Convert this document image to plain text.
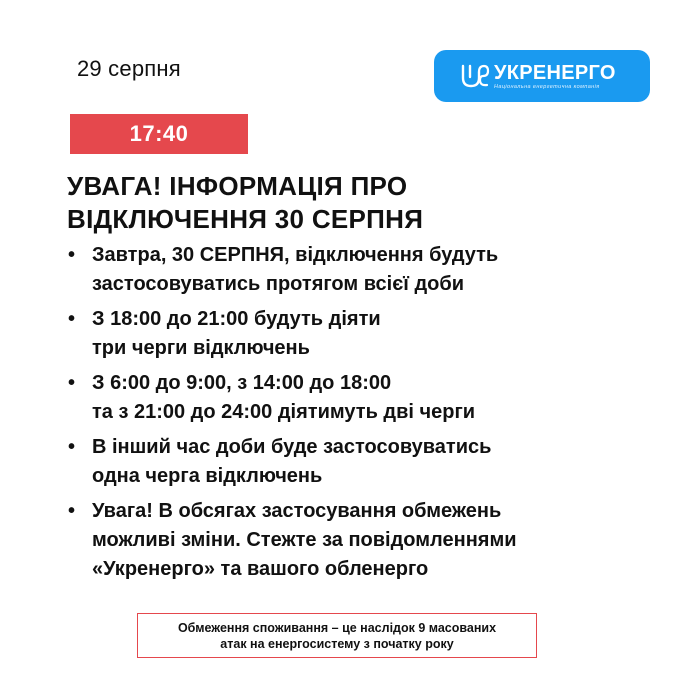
29 серпня	УКРЕНЕРГО
Національна енергетична компанія
17:40
УВАГА! ІНФОРМАЦІЯ ПРО
ВІДКЛЮЧЕННЯ 30 СЕРПНЯ
• Завтра, 30 СЕРПНЯ, відключення будуть
застосовуватись протягом всієї доби
• З 18:00 до 21:00 будуть діяти
три черги відключень
• З 6:00 до 9:00, з 14:00 до 18:00
та з 21:00 до 24:00 діятимуть дві черги
• В інший час доби буде застосовуватись
одна черга відключень
• Увага! В обсягах застосування обмежень
можливі зміни. Стежте за повідомленнями
«Укренерго» та вашого обленерго
Обмеження споживання – це наслідок 9 масованих
атак на енергосистему з початку року
